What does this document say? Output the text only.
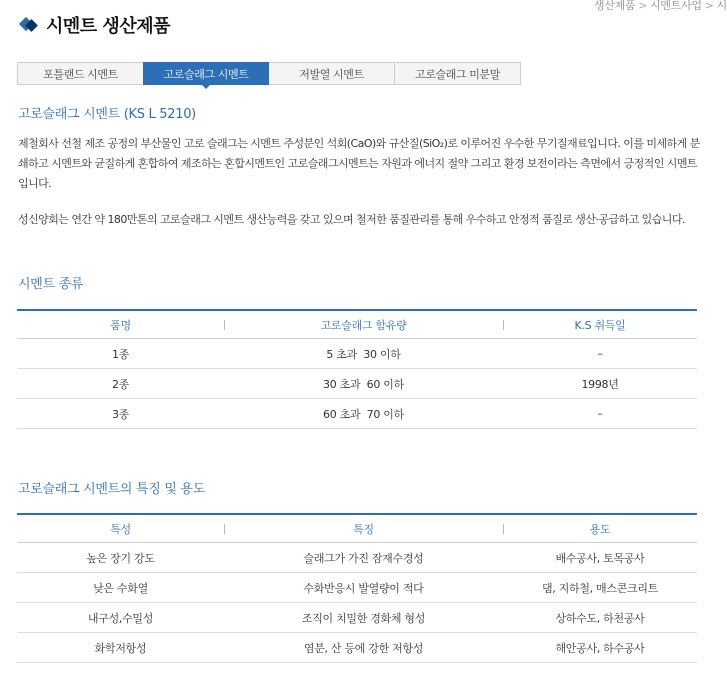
생산제품 > 시멘트사업 > 시
시멘트 생산제품
포틀랜드 시멘트	고로슬래그 시멘트	저발열 시멘트	고로슬래그 미분말
고로슬래그 시멘트 (KS L 5210)

제철회사 선철 제조 공정의 부산물인 고로 슬래그는 시멘트 주성분인 석회(CaO)와 규산질(SiO₂)로 이루어진 우수한 무기질재료입니다. 이를 미세하게 분쇄하고 시멘트와 균질하게 혼합하여 제조하는 혼합시멘트인 고로슬래그시멘트는 자원과 에너지 절약 그리고 환경 보전이라는 측면에서 긍정적인 시멘트 입니다.

성신양회는 연간 약 180만톤의 고로슬래그 시멘트 생산능력을 갖고 있으며 철저한 품질관리를 통해 우수하고 안정적 품질로 생산·공급하고 있습니다.

시멘트 종류
품명	고로슬래그 함유량	K.S 취득일
1종	5 초과  30 이하	–
2종	30 초과  60 이하	1998년
3종	60 초과  70 이하	–
고로슬래그 시멘트의 특징 및 용도
특성	특징	용도
높은 장기 강도	슬래그가 가진 잠재수경성	배수공사, 토목공사
낮은 수화열	수화반응시 발열량이 적다	댐, 지하철, 매스콘크리트
내구성,수밀성	조직이 치밀한 경화체 형성	상하수도, 하천공사
화학저항성	염분, 산 등에 강한 저항성	해안공사, 하수공사
